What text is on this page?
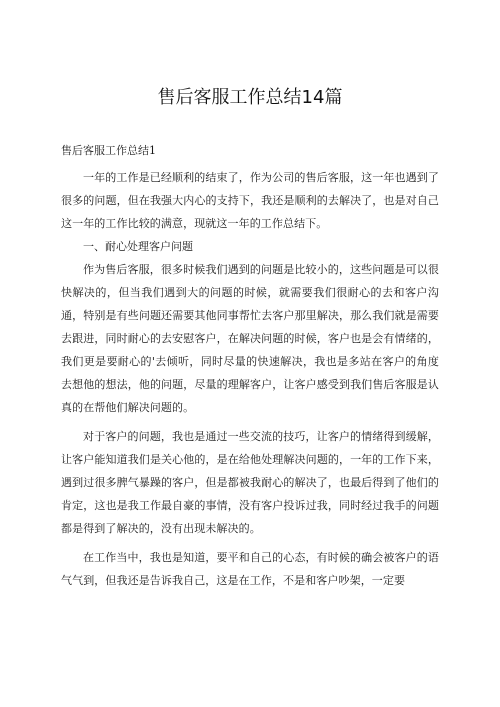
售后客服工作总结14篇
售后客服工作总结1

一年的工作是已经顺利的结束了，作为公司的售后客服，这一年也遇到了很多的问题，但在我强大内心的支持下，我还是顺利的去解决了，也是对自己这一年的工作比较的满意，现就这一年的工作总结下。

一、耐心处理客户问题

作为售后客服，很多时候我们遇到的问题是比较小的，这些问题是可以很快解决的，但当我们遇到大的问题的时候，就需要我们很耐心的去和客户沟通，特别是有些问题还需要其他同事帮忙去客户那里解决，那么我们就是需要去跟进，同时耐心的去安慰客户，在解决问题的时候，客户也是会有情绪的，我们更是要耐心的'去倾听，同时尽量的快速解决，我也是多站在客户的角度去想他的想法，他的问题，尽量的理解客户，让客户感受到我们售后客服是认真的在帮他们解决问题的。

对于客户的问题，我也是通过一些交流的技巧，让客户的情绪得到缓解，让客户能知道我们是关心他的，是在给他处理解决问题的，一年的工作下来，遇到过很多脾气暴躁的客户，但是都被我耐心的解决了，也最后得到了他们的肯定，这也是我工作最自豪的事情，没有客户投诉过我，同时经过我手的问题都是得到了解决的，没有出现未解决的。

在工作当中，我也是知道，要平和自己的心态，有时候的确会被客户的语气气到，但我还是告诉我自己，这是在工作，不是和客户吵架，一定要
